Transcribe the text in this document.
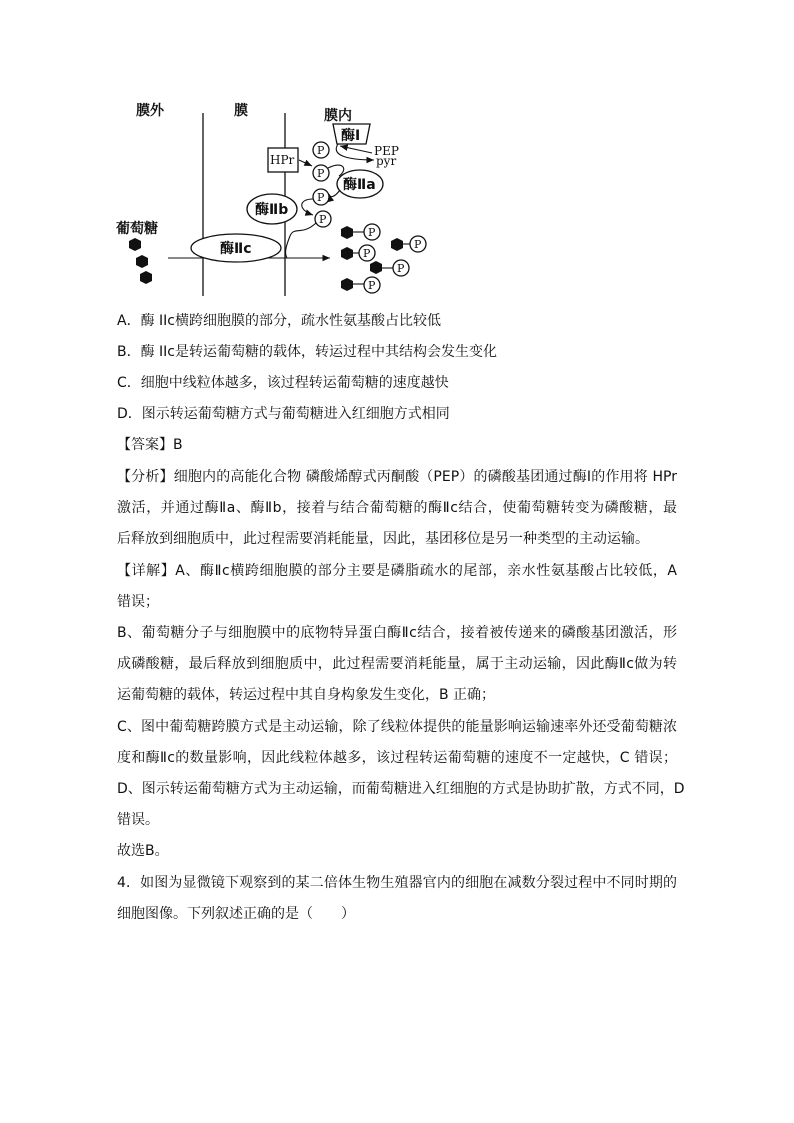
膜外	膜	膜内
酶Ⅰ
HPr
PEP
pyr
P
P
P
P
酶Ⅱa
酶Ⅱb
葡萄糖
酶Ⅱc
P
P
P
P
P
A．酶 IIc横跨细胞膜的部分，疏水性氨基酸占比较低
B．酶 IIc是转运葡萄糖的载体，转运过程中其结构会发生变化
C．细胞中线粒体越多，该过程转运葡萄糖的速度越快
D．图示转运葡萄糖方式与葡萄糖进入红细胞方式相同
【答案】B
【分析】细胞内的高能化合物 磷酸烯醇式丙酮酸（PEP）的磷酸基团通过酶Ⅰ的作用将 HPr
激活，并通过酶Ⅱa、酶Ⅱb，接着与结合葡萄糖的酶Ⅱc结合，使葡萄糖转变为磷酸糖，最
后释放到细胞质中，此过程需要消耗能量，因此，基团移位是另一种类型的主动运输。
【详解】A、酶Ⅱc横跨细胞膜的部分主要是磷脂疏水的尾部，亲水性氨基酸占比较低，A
错误；
B、葡萄糖分子与细胞膜中的底物特异蛋白酶Ⅱc结合，接着被传递来的磷酸基团激活，形
成磷酸糖，最后释放到细胞质中，此过程需要消耗能量，属于主动运输，因此酶Ⅱc做为转
运葡萄糖的载体，转运过程中其自身构象发生变化，B 正确；
C、图中葡萄糖跨膜方式是主动运输，除了线粒体提供的能量影响运输速率外还受葡萄糖浓
度和酶Ⅱc的数量影响，因此线粒体越多，该过程转运葡萄糖的速度不一定越快，C 错误；
D、图示转运葡萄糖方式为主动运输，而葡萄糖进入红细胞的方式是协助扩散，方式不同，D
错误。
故选B。
4．如图为显微镜下观察到的某二倍体生物生殖器官内的细胞在减数分裂过程中不同时期的
细胞图像。下列叙述正确的是（　　）
